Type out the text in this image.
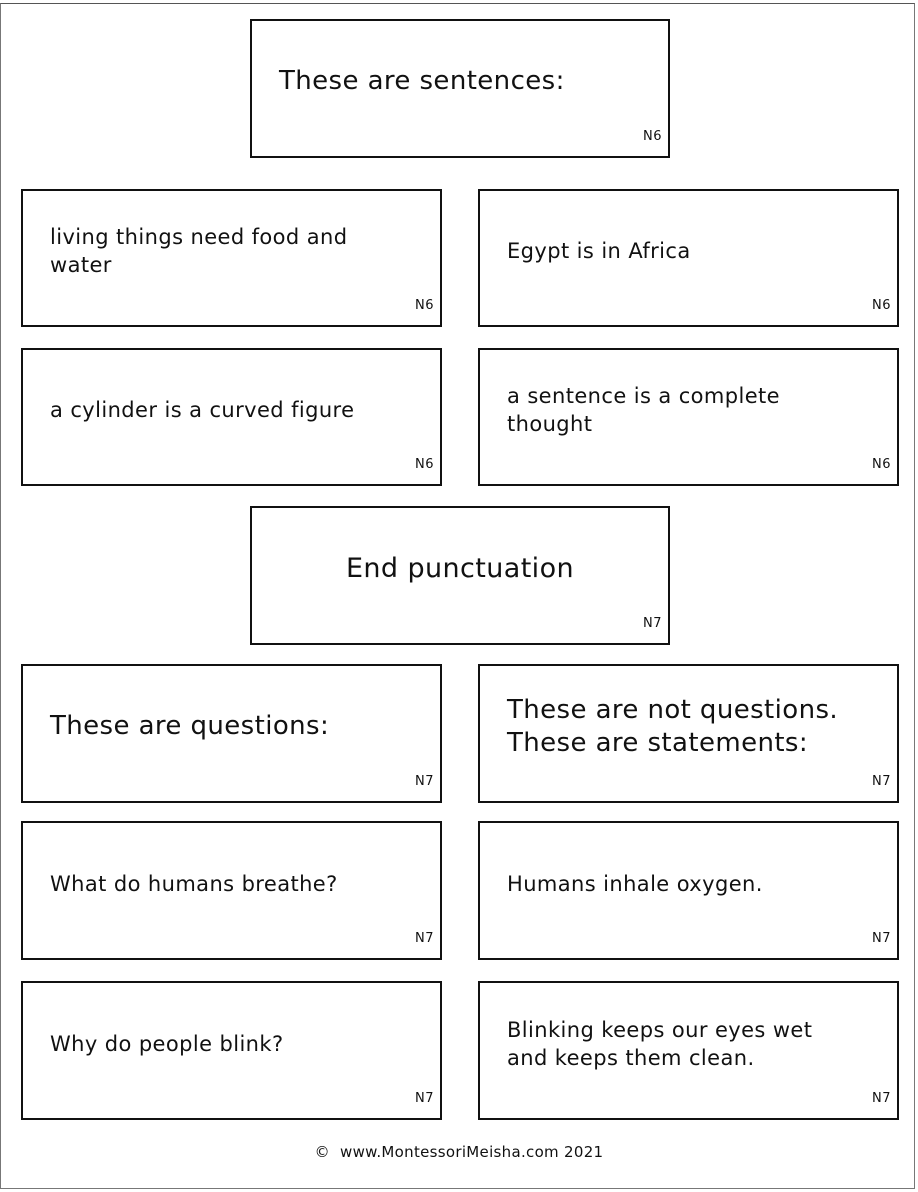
These are sentences:
N6
living things need food and water
N6
Egypt is in Africa
N6
a cylinder is a curved figure
N6
a sentence is a complete thought
N6
End punctuation
N7
These are questions:
N7
These are not questions. These are statements:
N7
What do humans breathe?
N7
Humans inhale oxygen.
N7
Why do people blink?
N7
Blinking keeps our eyes wet and keeps them clean.
N7
© www.MontessoriMeisha.com 2021
